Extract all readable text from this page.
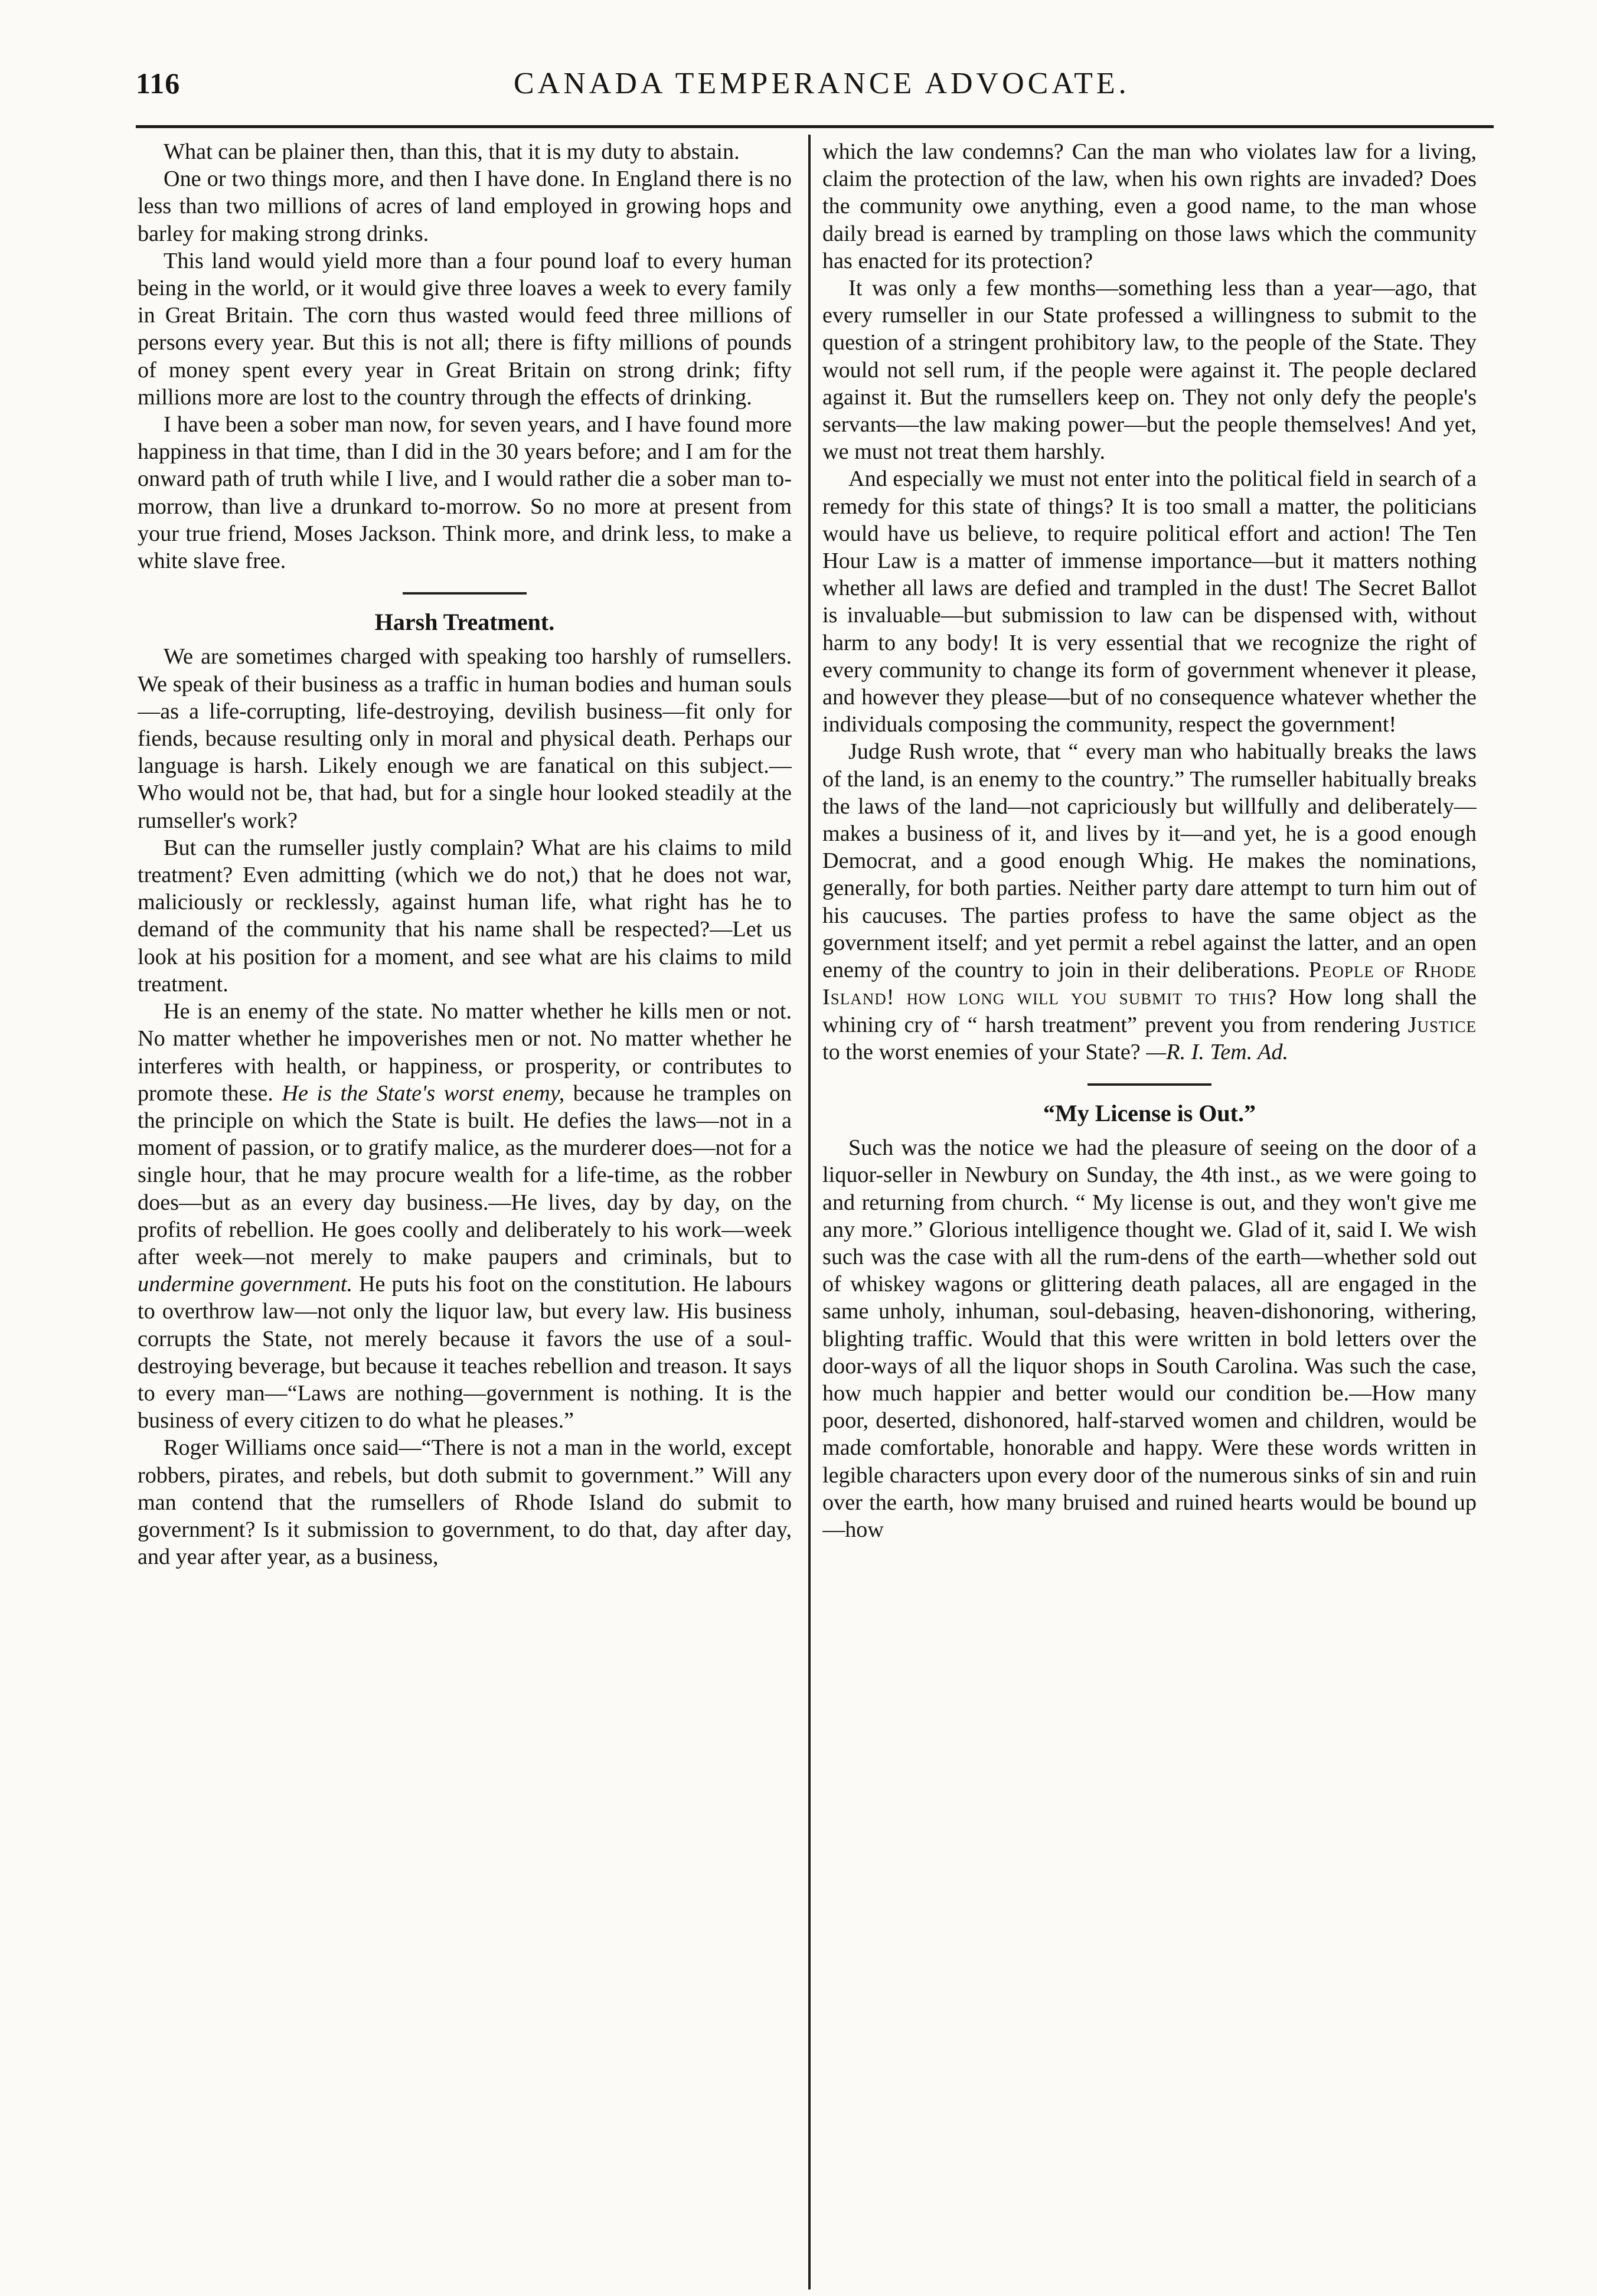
116	CANADA TEMPERANCE ADVOCATE.

What can be plainer then, than this, that it is my duty to abstain.

One or two things more, and then I have done. In England there is no less than two millions of acres of land employed in growing hops and barley for making strong drinks.

This land would yield more than a four pound loaf to every human being in the world, or it would give three loaves a week to every family in Great Britain. The corn thus wasted would feed three millions of persons every year. But this is not all; there is fifty millions of pounds of money spent every year in Great Britain on strong drink; fifty millions more are lost to the country through the effects of drinking.

I have been a sober man now, for seven years, and I have found more happiness in that time, than I did in the 30 years before; and I am for the onward path of truth while I live, and I would rather die a sober man to-morrow, than live a drunkard to-morrow. So no more at present from your true friend, Moses Jackson. Think more, and drink less, to make a white slave free.

Harsh Treatment.

We are sometimes charged with speaking too harshly of rumsellers. We speak of their business as a traffic in human bodies and human souls—as a life-corrupting, life-destroying, devilish business—fit only for fiends, because resulting only in moral and physical death. Perhaps our language is harsh. Likely enough we are fanatical on this subject.—Who would not be, that had, but for a single hour looked steadily at the rumseller's work?

But can the rumseller justly complain? What are his claims to mild treatment? Even admitting (which we do not,) that he does not war, maliciously or recklessly, against human life, what right has he to demand of the community that his name shall be respected?—Let us look at his position for a moment, and see what are his claims to mild treatment.

He is an enemy of the state. No matter whether he kills men or not. No matter whether he impoverishes men or not. No matter whether he interferes with health, or happiness, or prosperity, or contributes to promote these. He is the State's worst enemy, because he tramples on the principle on which the State is built. He defies the laws—not in a moment of passion, or to gratify malice, as the murderer does—not for a single hour, that he may procure wealth for a life-time, as the robber does—but as an every day business.—He lives, day by day, on the profits of rebellion. He goes coolly and deliberately to his work—week after week—not merely to make paupers and criminals, but to undermine government. He puts his foot on the constitution. He labours to overthrow law—not only the liquor law, but every law. His business corrupts the State, not merely because it favors the use of a soul-destroying beverage, but because it teaches rebellion and treason. It says to every man—“Laws are nothing—government is nothing. It is the business of every citizen to do what he pleases.”

Roger Williams once said—“There is not a man in the world, except robbers, pirates, and rebels, but doth submit to government.” Will any man contend that the rumsellers of Rhode Island do submit to government? Is it submission to government, to do that, day after day, and year after year, as a business,

which the law condemns? Can the man who violates law for a living, claim the protection of the law, when his own rights are invaded? Does the community owe anything, even a good name, to the man whose daily bread is earned by trampling on those laws which the community has enacted for its protection?

It was only a few months—something less than a year—ago, that every rumseller in our State professed a willingness to submit to the question of a stringent prohibitory law, to the people of the State. They would not sell rum, if the people were against it. The people declared against it. But the rumsellers keep on. They not only defy the people's servants—the law making power—but the people themselves! And yet, we must not treat them harshly.

And especially we must not enter into the political field in search of a remedy for this state of things? It is too small a matter, the politicians would have us believe, to require political effort and action! The Ten Hour Law is a matter of immense importance—but it matters nothing whether all laws are defied and trampled in the dust! The Secret Ballot is invaluable—but submission to law can be dispensed with, without harm to any body! It is very essential that we recognize the right of every community to change its form of government whenever it please, and however they please—but of no consequence whatever whether the individuals composing the community, respect the government!

Judge Rush wrote, that “ every man who habitually breaks the laws of the land, is an enemy to the country.” The rumseller habitually breaks the laws of the land—not capriciously but willfully and deliberately—makes a business of it, and lives by it—and yet, he is a good enough Democrat, and a good enough Whig. He makes the nominations, generally, for both parties. Neither party dare attempt to turn him out of his caucuses. The parties profess to have the same object as the government itself; and yet permit a rebel against the latter, and an open enemy of the country to join in their deliberations. People of Rhode Island! how long will you submit to this? How long shall the whining cry of “ harsh treatment” prevent you from rendering Justice to the worst enemies of your State? —R. I. Tem. Ad.

“My License is Out.”

Such was the notice we had the pleasure of seeing on the door of a liquor-seller in Newbury on Sunday, the 4th inst., as we were going to and returning from church. “ My license is out, and they won't give me any more.” Glorious intelligence thought we. Glad of it, said I. We wish such was the case with all the rum-dens of the earth—whether sold out of whiskey wagons or glittering death palaces, all are engaged in the same unholy, inhuman, soul-debasing, heaven-dishonoring, withering, blighting traffic. Would that this were written in bold letters over the door-ways of all the liquor shops in South Carolina. Was such the case, how much happier and better would our condition be.—How many poor, deserted, dishonored, half-starved women and children, would be made comfortable, honorable and happy. Were these words written in legible characters upon every door of the numerous sinks of sin and ruin over the earth, how many bruised and ruined hearts would be bound up—how
